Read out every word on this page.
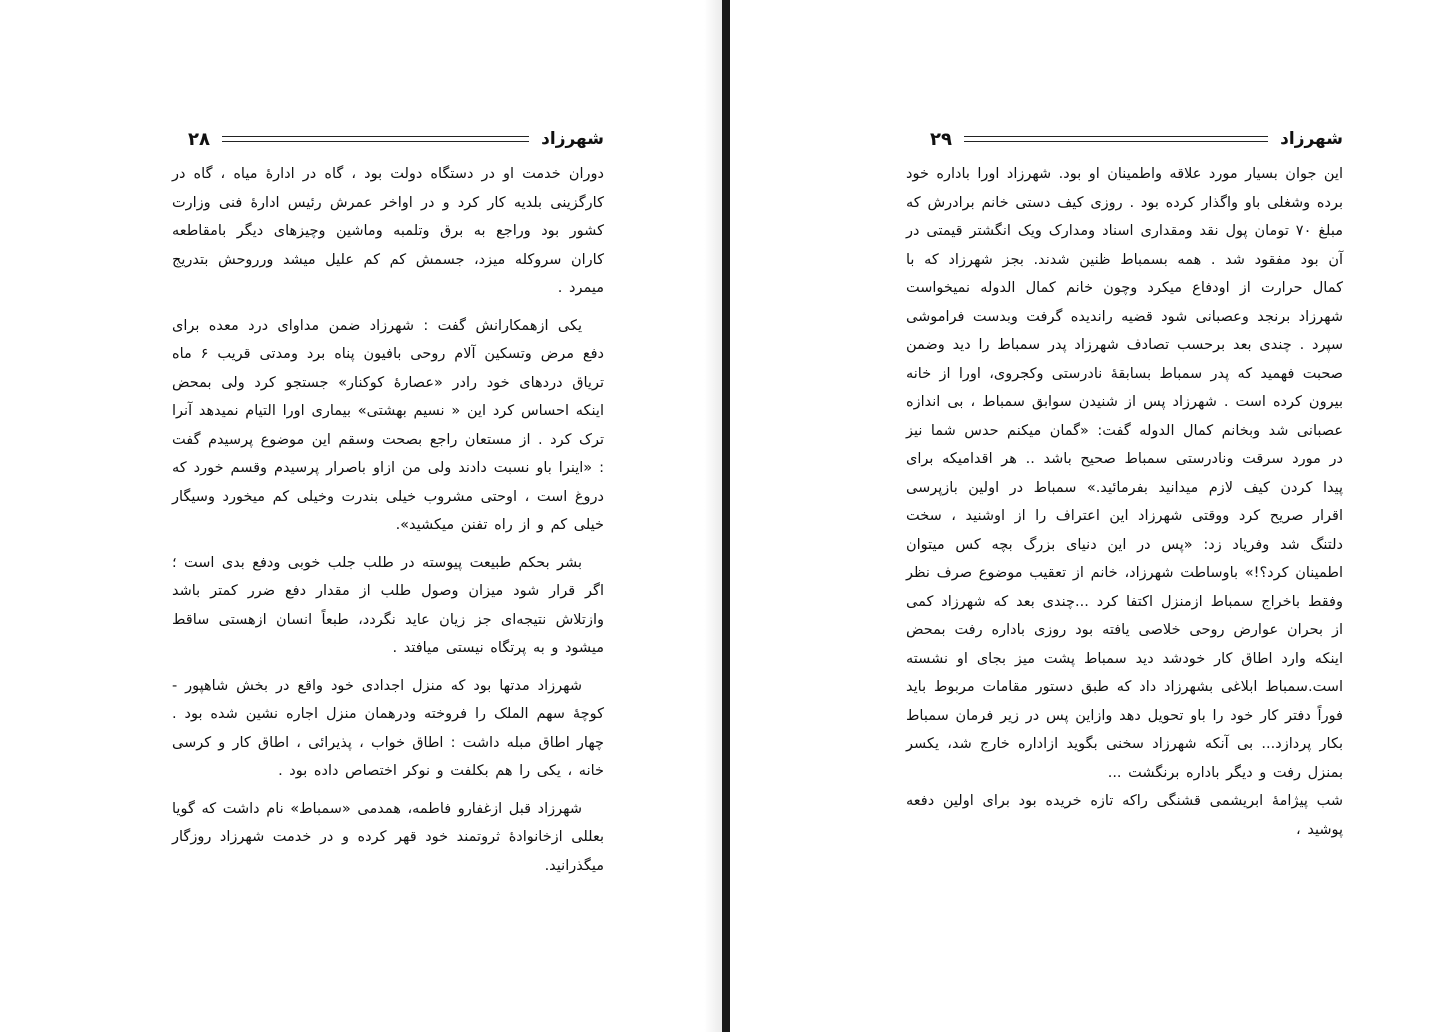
شهرزاد
۲۸

دوران خدمت او در دستگاه دولت بود ، گاه در ادارهٔ میاه ، گاه در کارگزینی بلدیه کار کرد و در اواخر عمرش رئیس ادارهٔ فنی وزارت کشور بود وراجع به برق وتلمبه وماشین وچیزهای دیگر بامقاطعه کاران سروکله میزد، جسمش کم کم علیل میشد ورروحش بتدریج میمرد .

یکی ازهمکارانش گفت : شهرزاد ضمن مداوای درد معده برای دفع مرض وتسکین آلام روحی بافیون پناه برد ومدتی قریب ۶ ماه تریاق دردهای خود رادر «عصارهٔ کوکنار» جستجو کرد ولی بمحض اینکه احساس کرد این « نسیم بهشتی» بیماری اورا التیام نمیدهد آنرا ترک کرد . از مستعان راجع بصحت وسقم این موضوع پرسیدم گفت : «اینرا باو نسبت دادند ولی من ازاو باصرار پرسیدم وقسم خورد که دروغ است ، اوحتی مشروب خیلی بندرت وخیلی کم میخورد وسیگار خیلی کم و از راه تفنن میکشید».

بشر بحکم طبیعت پیوسته در طلب جلب خوبی ودفع بدی است ؛ اگر قرار شود میزان وصول طلب از مقدار دفع ضرر کمتر باشد وازتلاش نتیجه‌ای جز زیان عاید نگردد، طبعاً انسان ازهستی ساقط میشود و به پرتگاه نیستی میافتد .

شهرزاد مدتها بود که منزل اجدادی خود واقع در بخش شاهپور - کوچهٔ سهم الملک را فروخته ودرهمان منزل اجاره نشین شده بود . چهار اطاق مبله داشت : اطاق خواب ، پذیرائی ، اطاق کار و کرسی خانه ، یکی را هم بکلفت و نوکر اختصاص داده بود .

شهرزاد قبل ازغفارو فاطمه، همدمی «سمباط» نام داشت که گویا بعللی ازخانوادهٔ ثروتمند خود قهر کرده و در خدمت شهرزاد روزگار میگذرانید.

شهرزاد
۲۹

این جوان بسیار مورد علاقه واطمینان او بود. شهرزاد اورا باداره خود برده وشغلی باو واگذار کرده بود . روزی کیف دستی خانم برادرش که مبلغ ۷۰ تومان پول نقد ومقداری اسناد ومدارک ویک انگشتر قیمتی در آن بود مفقود شد . همه بسمباط ظنین شدند. بجز شهرزاد که با کمال حرارت از اودفاع میکرد وچون خانم کمال الدوله نمیخواست شهرزاد برنجد وعصبانی شود قضیه راندیده گرفت وبدست فراموشی سپرد . چندی بعد برحسب تصادف شهرزاد پدر سمباط را دید وضمن صحبت فهمید که پدر سمباط بسابقهٔ نادرستی وکجروی، اورا از خانه بیرون کرده است . شهرزاد پس از شنیدن سوابق سمباط ، بی اندازه عصبانی شد وبخانم کمال الدوله گفت: «گمان میکنم حدس شما نیز در مورد سرقت ونادرستی سمباط صحیح باشد .. هر اقدامیکه برای پیدا کردن کیف لازم میدانید بفرمائید.» سمباط در اولین بازپرسی اقرار صریح کرد ووقتی شهرزاد این اعتراف را از اوشنید ، سخت دلتنگ شد وفریاد زد: «پس در این دنیای بزرگ بچه کس میتوان اطمینان کرد؟!» باوساطت شهرزاد، خانم از تعقیب موضوع صرف نظر وفقط باخراج سمباط ازمنزل اکتفا کرد ...چندی بعد که شهرزاد کمی از بحران عوارض روحی خلاصی یافته بود روزی باداره رفت بمحض اینکه وارد اطاق کار خودشد دید سمباط پشت میز بجای او نشسته است.سمباط ابلاغی بشهرزاد داد که طبق دستور مقامات مربوط باید فوراً دفتر کار خود را باو تحویل دهد وازاین پس در زیر فرمان سمباط بکار پردازد... بی آنکه شهرزاد سخنی بگوید ازاداره خارج شد، یکسر بمنزل رفت و دیگر باداره برنگشت ...

شب پیژامهٔ ابریشمی قشنگی راکه تازه خریده بود برای اولین دفعه پوشید ،
